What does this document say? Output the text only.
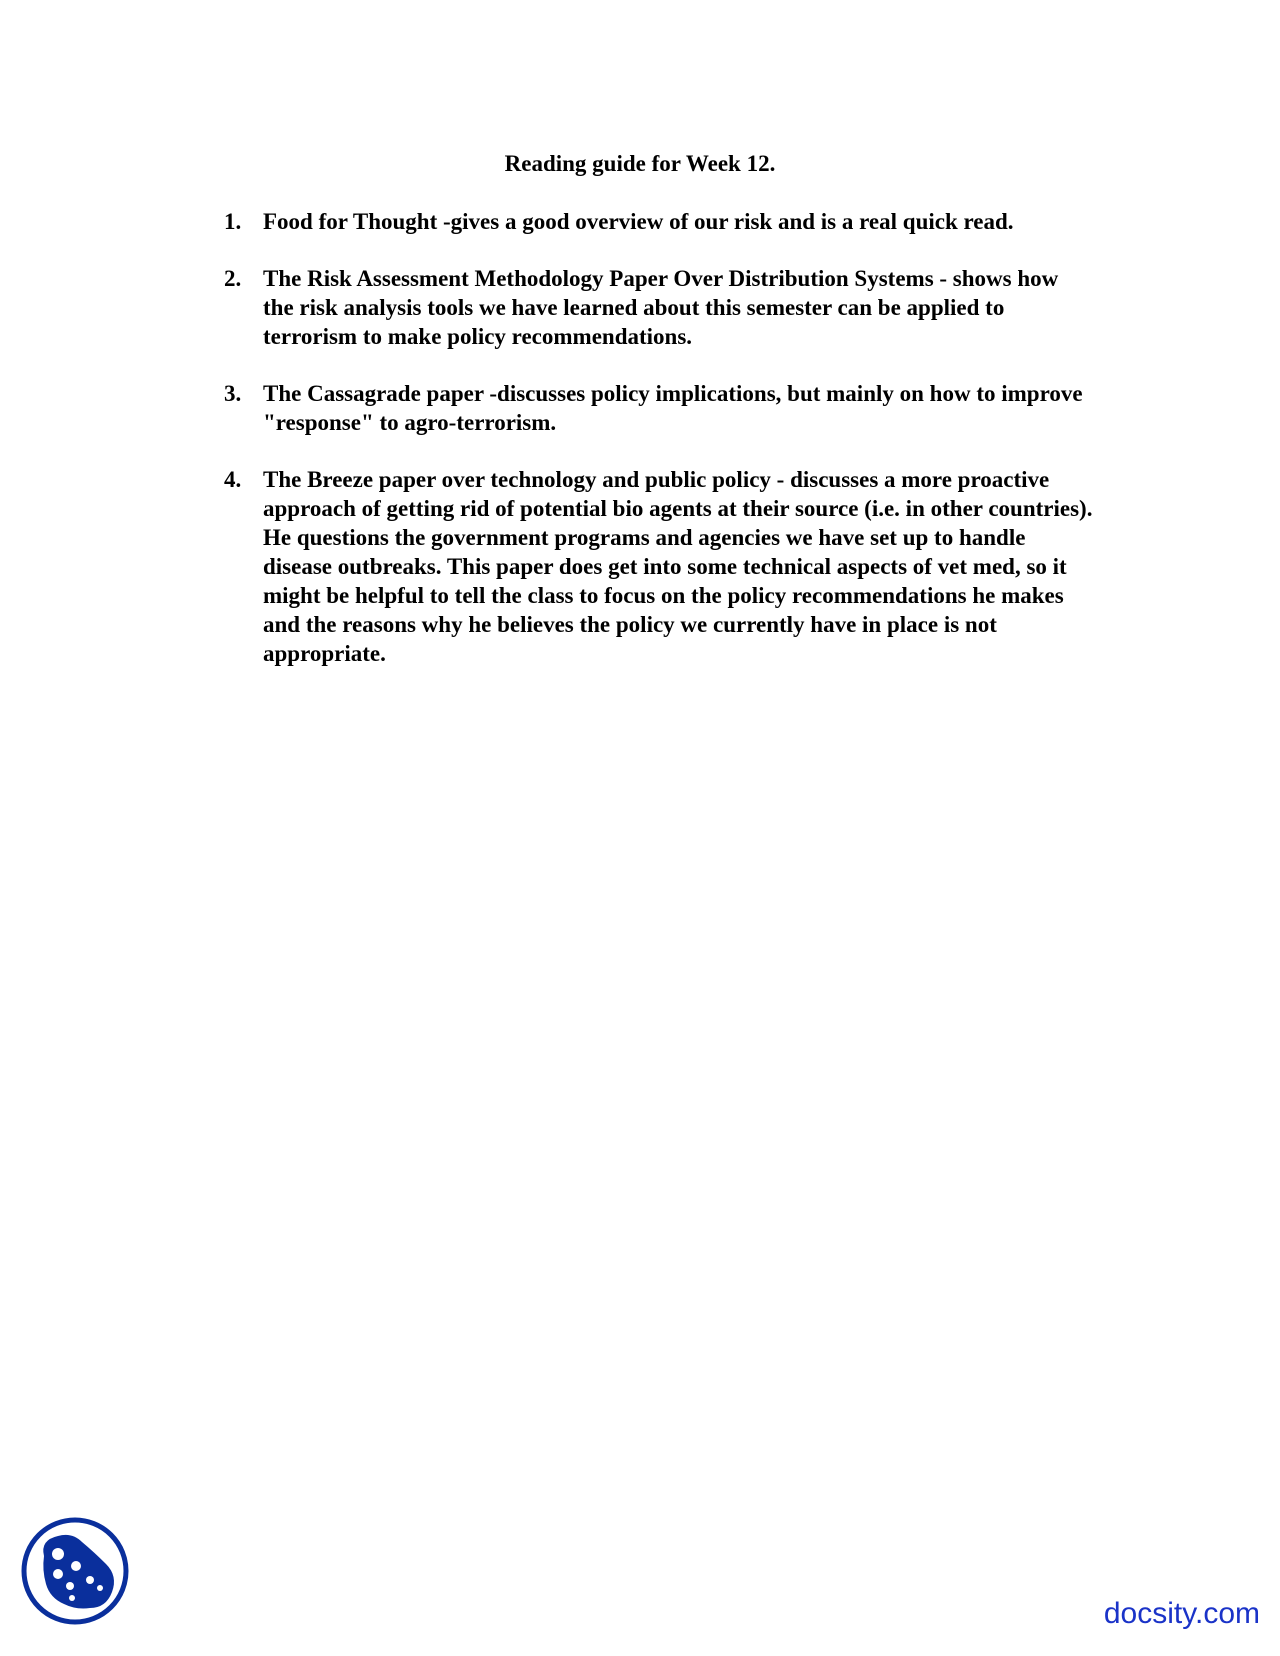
Reading guide for Week 12.
1. Food for Thought -gives a good overview of our risk and is a real quick read.
2. The Risk Assessment Methodology Paper Over Distribution Systems - shows how the risk analysis tools we have learned about this semester can be applied to terrorism to make policy recommendations.
3. The Cassagrade paper -discusses policy implications, but mainly on how to improve "response" to agro-terrorism.
4. The Breeze paper over technology and public policy - discusses a more proactive approach of getting rid of potential bio agents at their source (i.e. in other countries). He questions the government programs and agencies we have set up to handle disease outbreaks. This paper does get into some technical aspects of vet med, so it might be helpful to tell the class to focus on the policy recommendations he makes and the reasons why he believes the policy we currently have in place is not appropriate.
docsity.com
